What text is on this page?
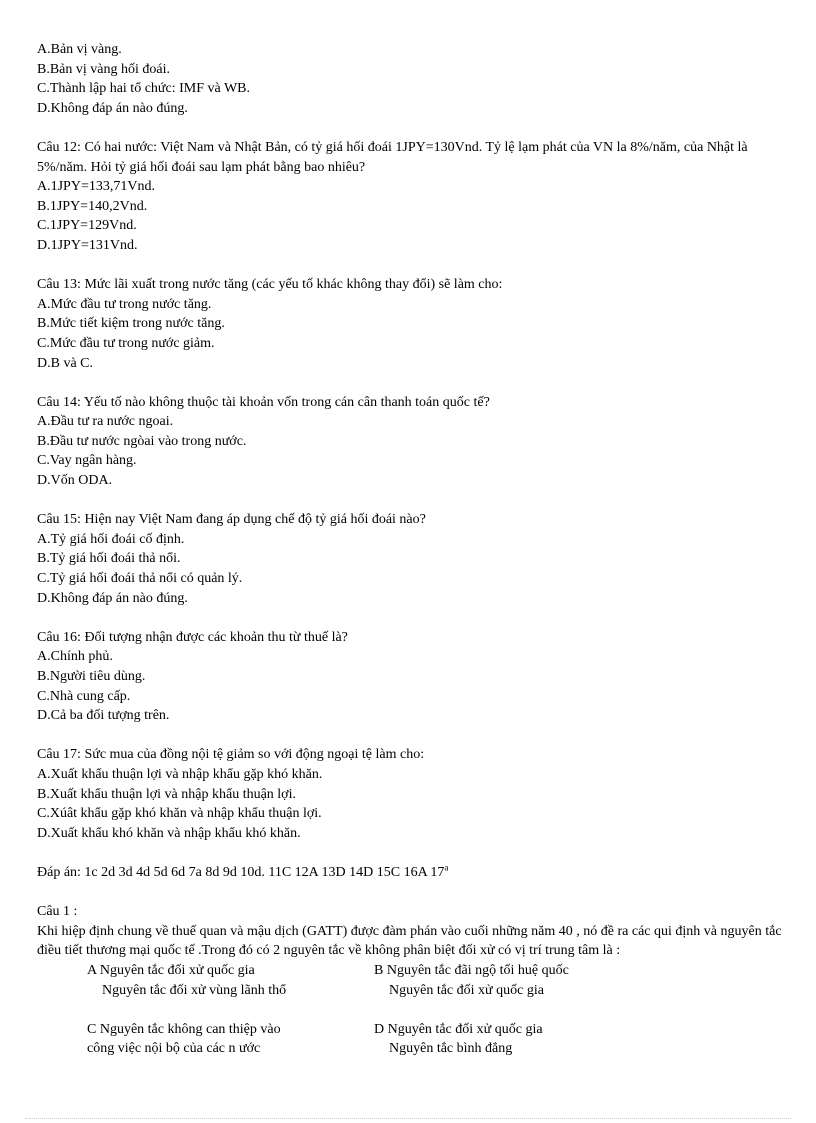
A.Bản vị vàng.
B.Bản vị vàng hối đoái.
C.Thành lập hai tổ chức: IMF và WB.
D.Không đáp án nào đúng.
Câu 12: Có hai nước: Việt Nam và Nhật Bản, có tỷ giá hối đoái 1JPY=130Vnd. Tỷ lệ lạm phát của VN la 8%/năm, của Nhật là 5%/năm. Hỏi tỷ giá hối đoái sau lạm phát bằng bao nhiêu?
A.1JPY=133,71Vnd.
B.1JPY=140,2Vnd.
C.1JPY=129Vnd.
D.1JPY=131Vnd.
Câu 13: Mức lãi xuất trong nước tăng (các yếu tố khác không thay đổi) sẽ làm cho:
A.Mức đầu tư trong nước tăng.
B.Mức tiết kiệm trong nước tăng.
C.Mức đầu tư trong nước giảm.
D.B và C.
Câu 14: Yếu tố nào không thuộc tài khoản vốn trong cán cân thanh toán quốc tế?
A.Đầu tư ra nước ngoai.
B.Đầu tư nước ngòai vào trong nước.
C.Vay ngân hàng.
D.Vốn ODA.
Câu 15: Hiện nay Việt Nam đang áp dụng chế độ tỷ giá hối đoái nào?
A.Tỷ giá hối đoái cố định.
B.Tỷ giá hối đoái thả nổi.
C.Tỷ giá hối đoái thả nổi có quản lý.
D.Không đáp án nào đúng.
Câu 16: Đối tượng nhận được các khoản thu từ thuế là?
A.Chính phủ.
B.Người tiêu dùng.
C.Nhà cung cấp.
D.Cả ba đối tượng trên.
Câu 17: Sức mua của đồng nội tệ giảm so với động ngoại tệ làm cho:
A.Xuất khẩu thuận lợi và nhập khẩu gặp khó khăn.
B.Xuất khẩu thuận lợi và nhập khẩu thuận lợi.
C.Xúât khẩu gặp khó khăn và nhập khẩu thuận lợi.
D.Xuất khẩu khó khăn và nhập khẩu khó khăn.
Đáp án: 1c 2d 3d 4d 5d 6d 7a 8d 9d 10d. 11C 12A 13D 14D 15C 16A 17$^a$
Câu 1 :
Khi hiệp định chung về thuế quan và mậu dịch (GATT) được đàm phán vào cuối những năm 40 , nó đề ra các qui định và nguyên tắc điều tiết thương mại quốc tế .Trong đó có 2 nguyên tắc về không phân biệt đối xử có vị trí trung tâm là :
A Nguyên tắc đối xử quốc gia
Nguyên tắc đối xử vùng lãnh thổ
B Nguyên tắc đãi ngộ tối huệ quốc
Nguyên tắc đối xử quốc gia
C Nguyên tắc không can thiệp vào
công việc nội bộ của các n ước
D Nguyên tắc đối xử quốc gia
Nguyên tắc bình đẳng
